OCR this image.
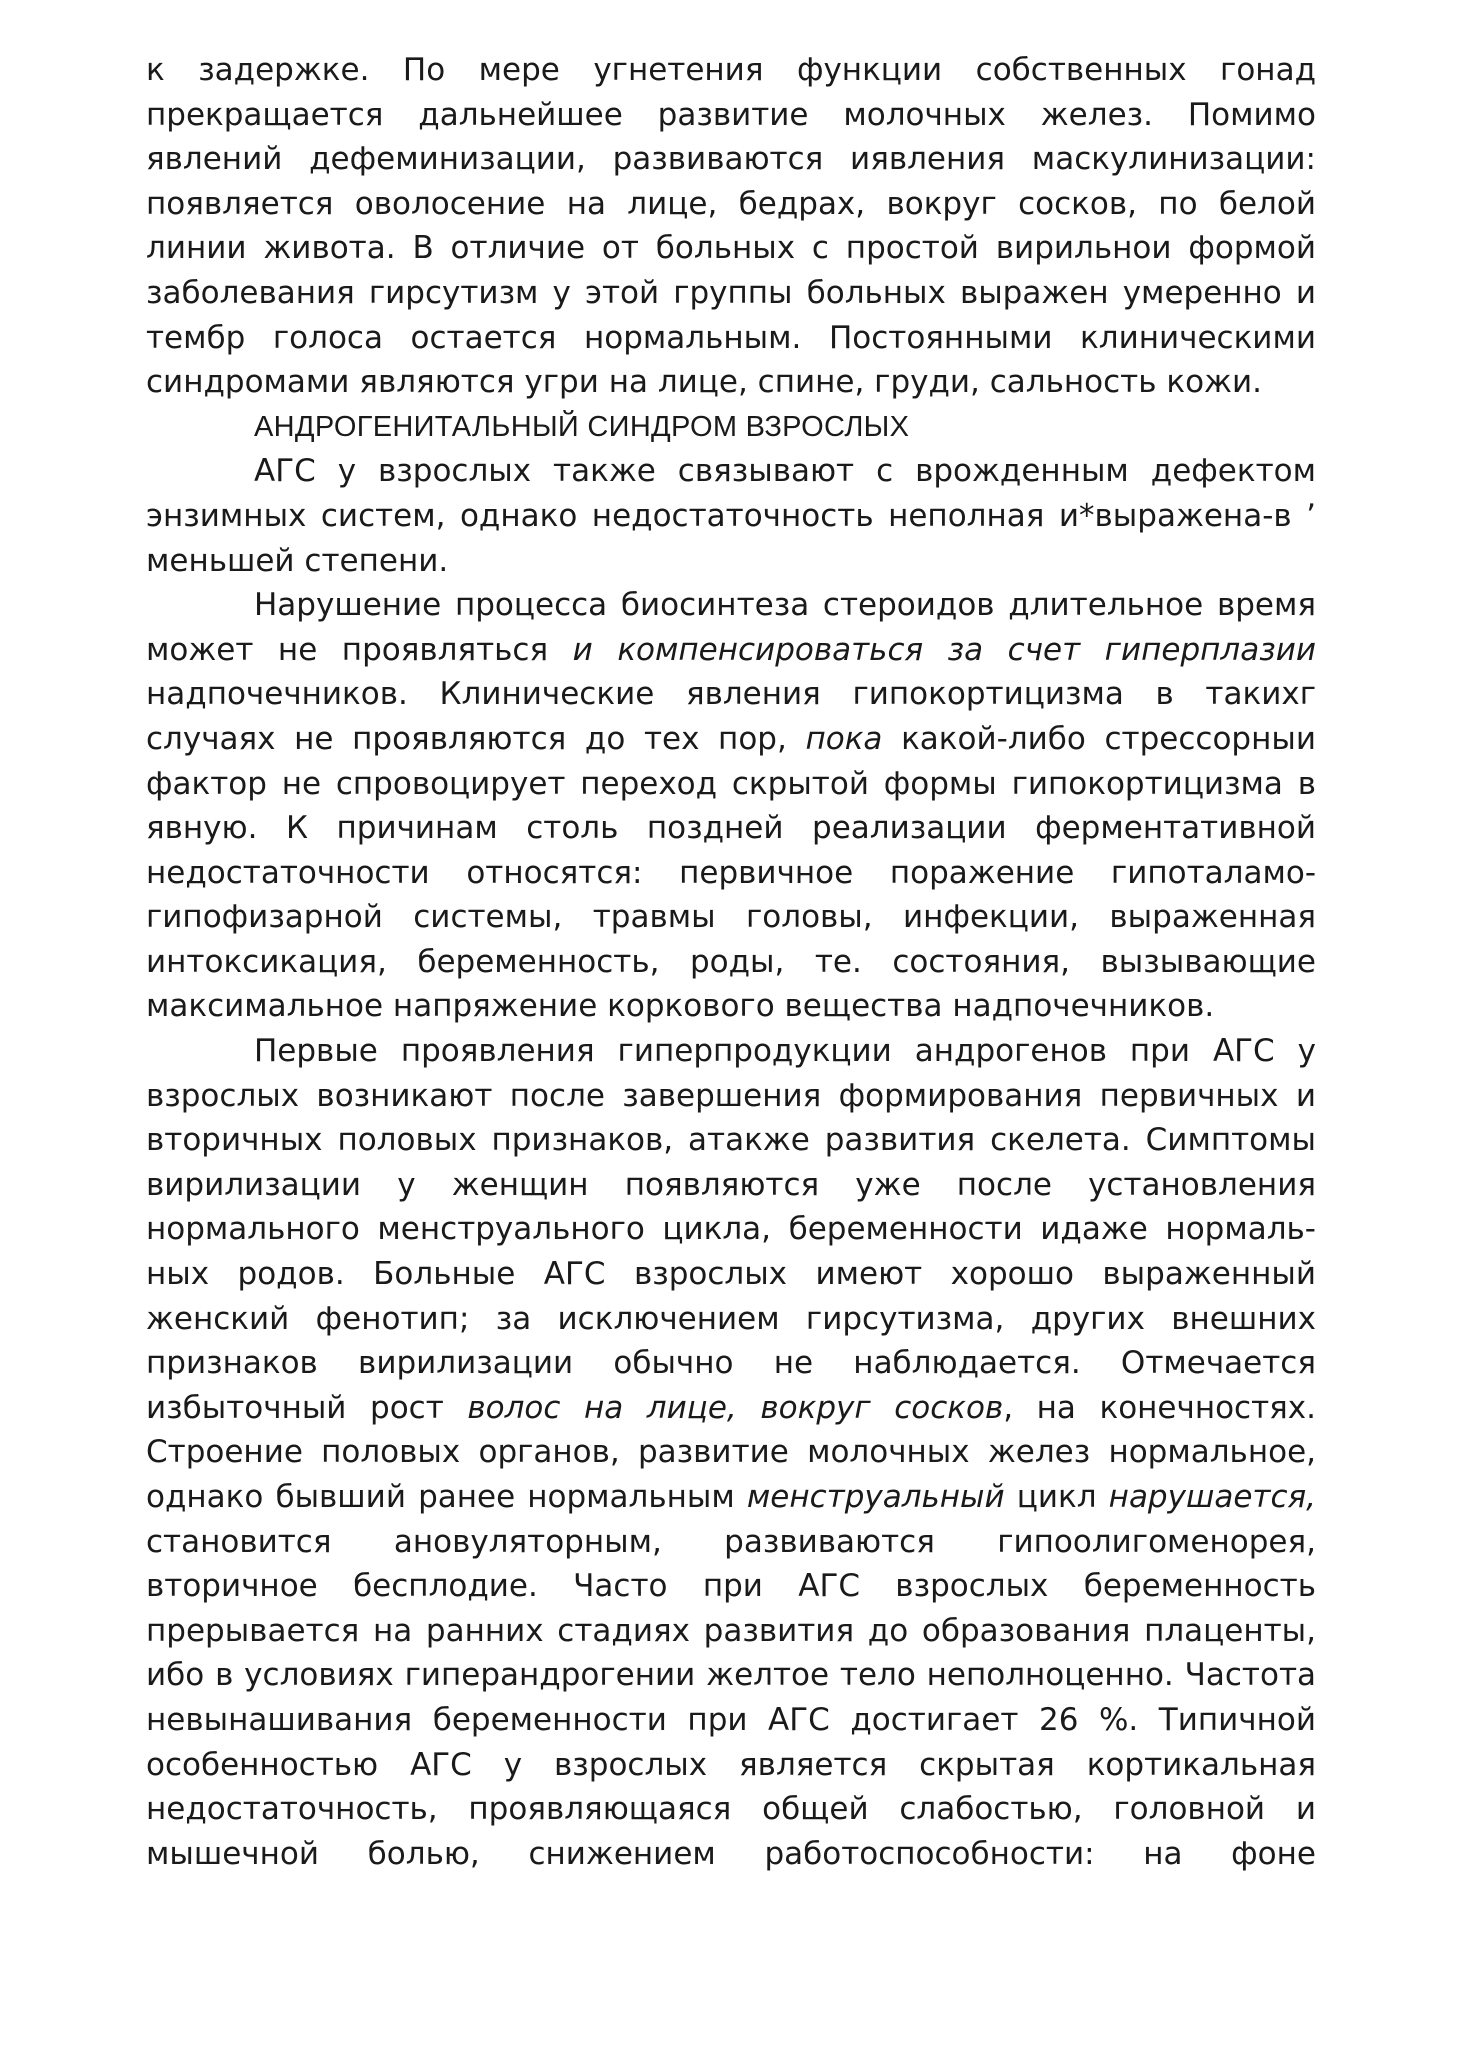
к задержке. По мере угнетения функции собственных гонад прекращается дальнейшее развитие молочных желез. Помимо явлений дефеминизации, развиваются иявления маскулинизации: появляется оволосение на лице, бедрах, вокруг сосков, по белой линии живота. В отличие от больных с простой вирильнои формой заболевания гирсутизм у этой группы больных выражен умеренно и тембр голоса остается нормальным. Постоянными клиническими синдромами являются угри на лице, спине, груди, сальность кожи.

АНДРОГЕНИТАЛЬНЫЙ СИНДРОМ ВЗРОСЛЫХ

АГС у взрослых также связывают с врожденным дефектом энзимных систем, однако недостаточность неполная и*выражена-в ’ меньшей степени.

Нарушение процесса биосинтеза стероидов длительное время может не проявляться и компенсироваться за счет гиперплазии надпочечников. Клинические явления гипокортицизма в такихг случаях не проявляются до тех пор, пока какой-либо стрессорныи фактор не спровоцирует переход скрытой формы гипокортицизма в явную. К причинам столь поздней реализации ферментативной недостаточности относятся: первичное поражение гипоталамо-гипофизарной системы, травмы головы, инфекции, выраженная интоксикация, беременность, роды, те. состояния, вызывающие максимальное напряжение коркового вещества надпочечников.

Первые проявления гиперпродукции андрогенов при АГС у взрослых возникают после завершения формирования первичных и вторичных половых признаков, атакже развития скелета. Симптомы вирилизации у женщин появляются уже после установления нормального менструального цикла, беременности идаже нормаль-ных родов. Больные АГС взрослых имеют хорошо выраженный женский фенотип; за исключением гирсутизма, других внешних признаков вирилизации обычно не наблюдается. Отмечается избыточный рост волос на лице, вокруг сосков, на конечностях. Строение половых органов, развитие молочных желез нормальное, однако бывший ранее нормальным менструальный цикл нарушается, становится ановуляторным, развиваются гипоолигоменорея, вторичное бесплодие. Часто при АГС взрослых беременность прерывается на ранних стадиях развития до образования плаценты, ибо в условиях гиперандрогении желтое тело неполноценно. Частота невынашивания беременности при АГС достигает 26 %. Типичной особенностью АГС у взрослых является скрытая кортикальная недостаточность, проявляющаяся общей слабостью, головной и мышечной болью, снижением работоспособности: на фоне
